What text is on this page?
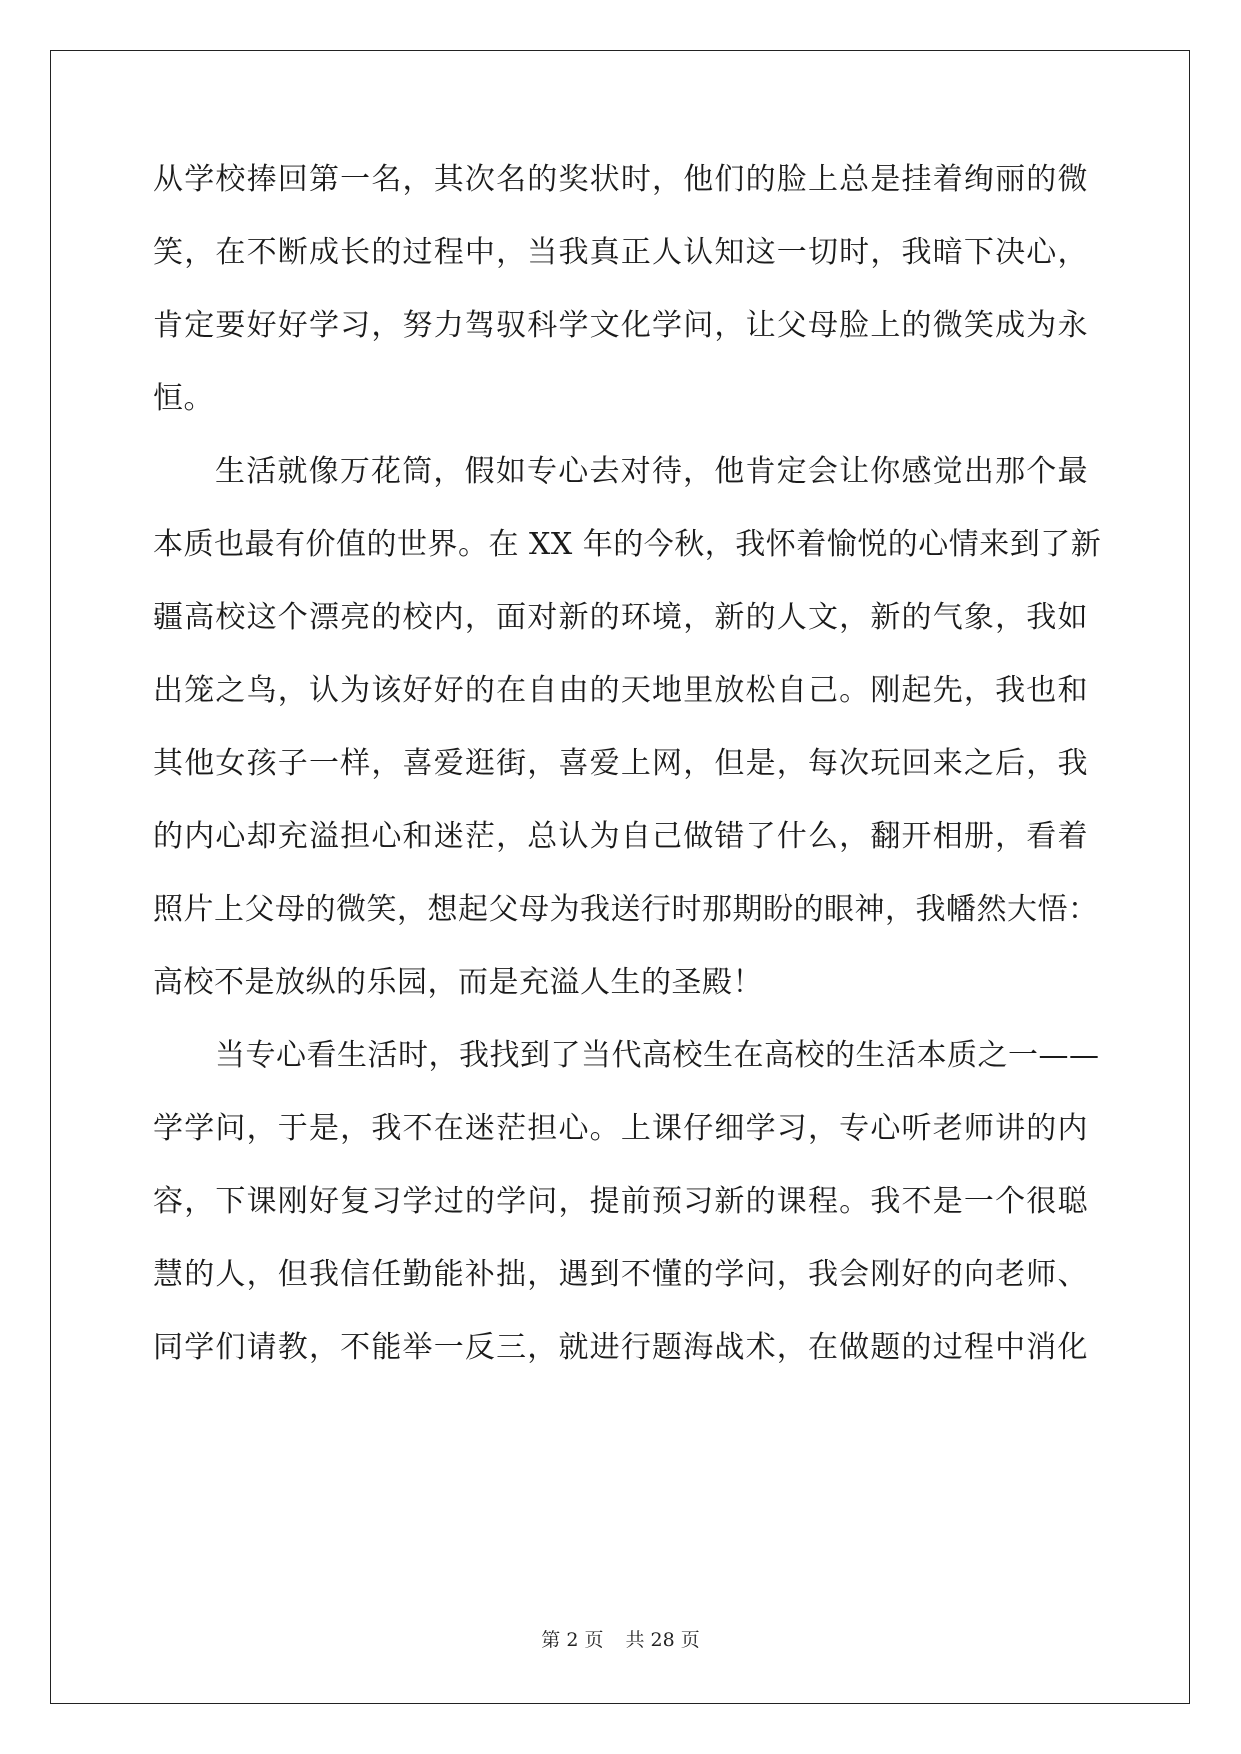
从学校捧回第一名，其次名的奖状时，他们的脸上总是挂着绚丽的微
笑，在不断成长的过程中，当我真正人认知这一切时，我暗下决心，
肯定要好好学习，努力驾驭科学文化学问，让父母脸上的微笑成为永
恒。
生活就像万花筒，假如专心去对待，他肯定会让你感觉出那个最
本质也最有价值的世界。在 XX 年的今秋，我怀着愉悦的心情来到了新
疆高校这个漂亮的校内，面对新的环境，新的人文，新的气象，我如
出笼之鸟，认为该好好的在自由的天地里放松自己。刚起先，我也和
其他女孩子一样，喜爱逛街，喜爱上网，但是，每次玩回来之后，我
的内心却充溢担心和迷茫，总认为自己做错了什么，翻开相册，看着
照片上父母的微笑，想起父母为我送行时那期盼的眼神，我幡然大悟：
高校不是放纵的乐园，而是充溢人生的圣殿！
当专心看生活时，我找到了当代高校生在高校的生活本质之一——
学学问，于是，我不在迷茫担心。上课仔细学习，专心听老师讲的内
容，下课刚好复习学过的学问，提前预习新的课程。我不是一个很聪
慧的人，但我信任勤能补拙，遇到不懂的学问，我会刚好的向老师、
同学们请教，不能举一反三，就进行题海战术，在做题的过程中消化
第 2 页 共 28 页
